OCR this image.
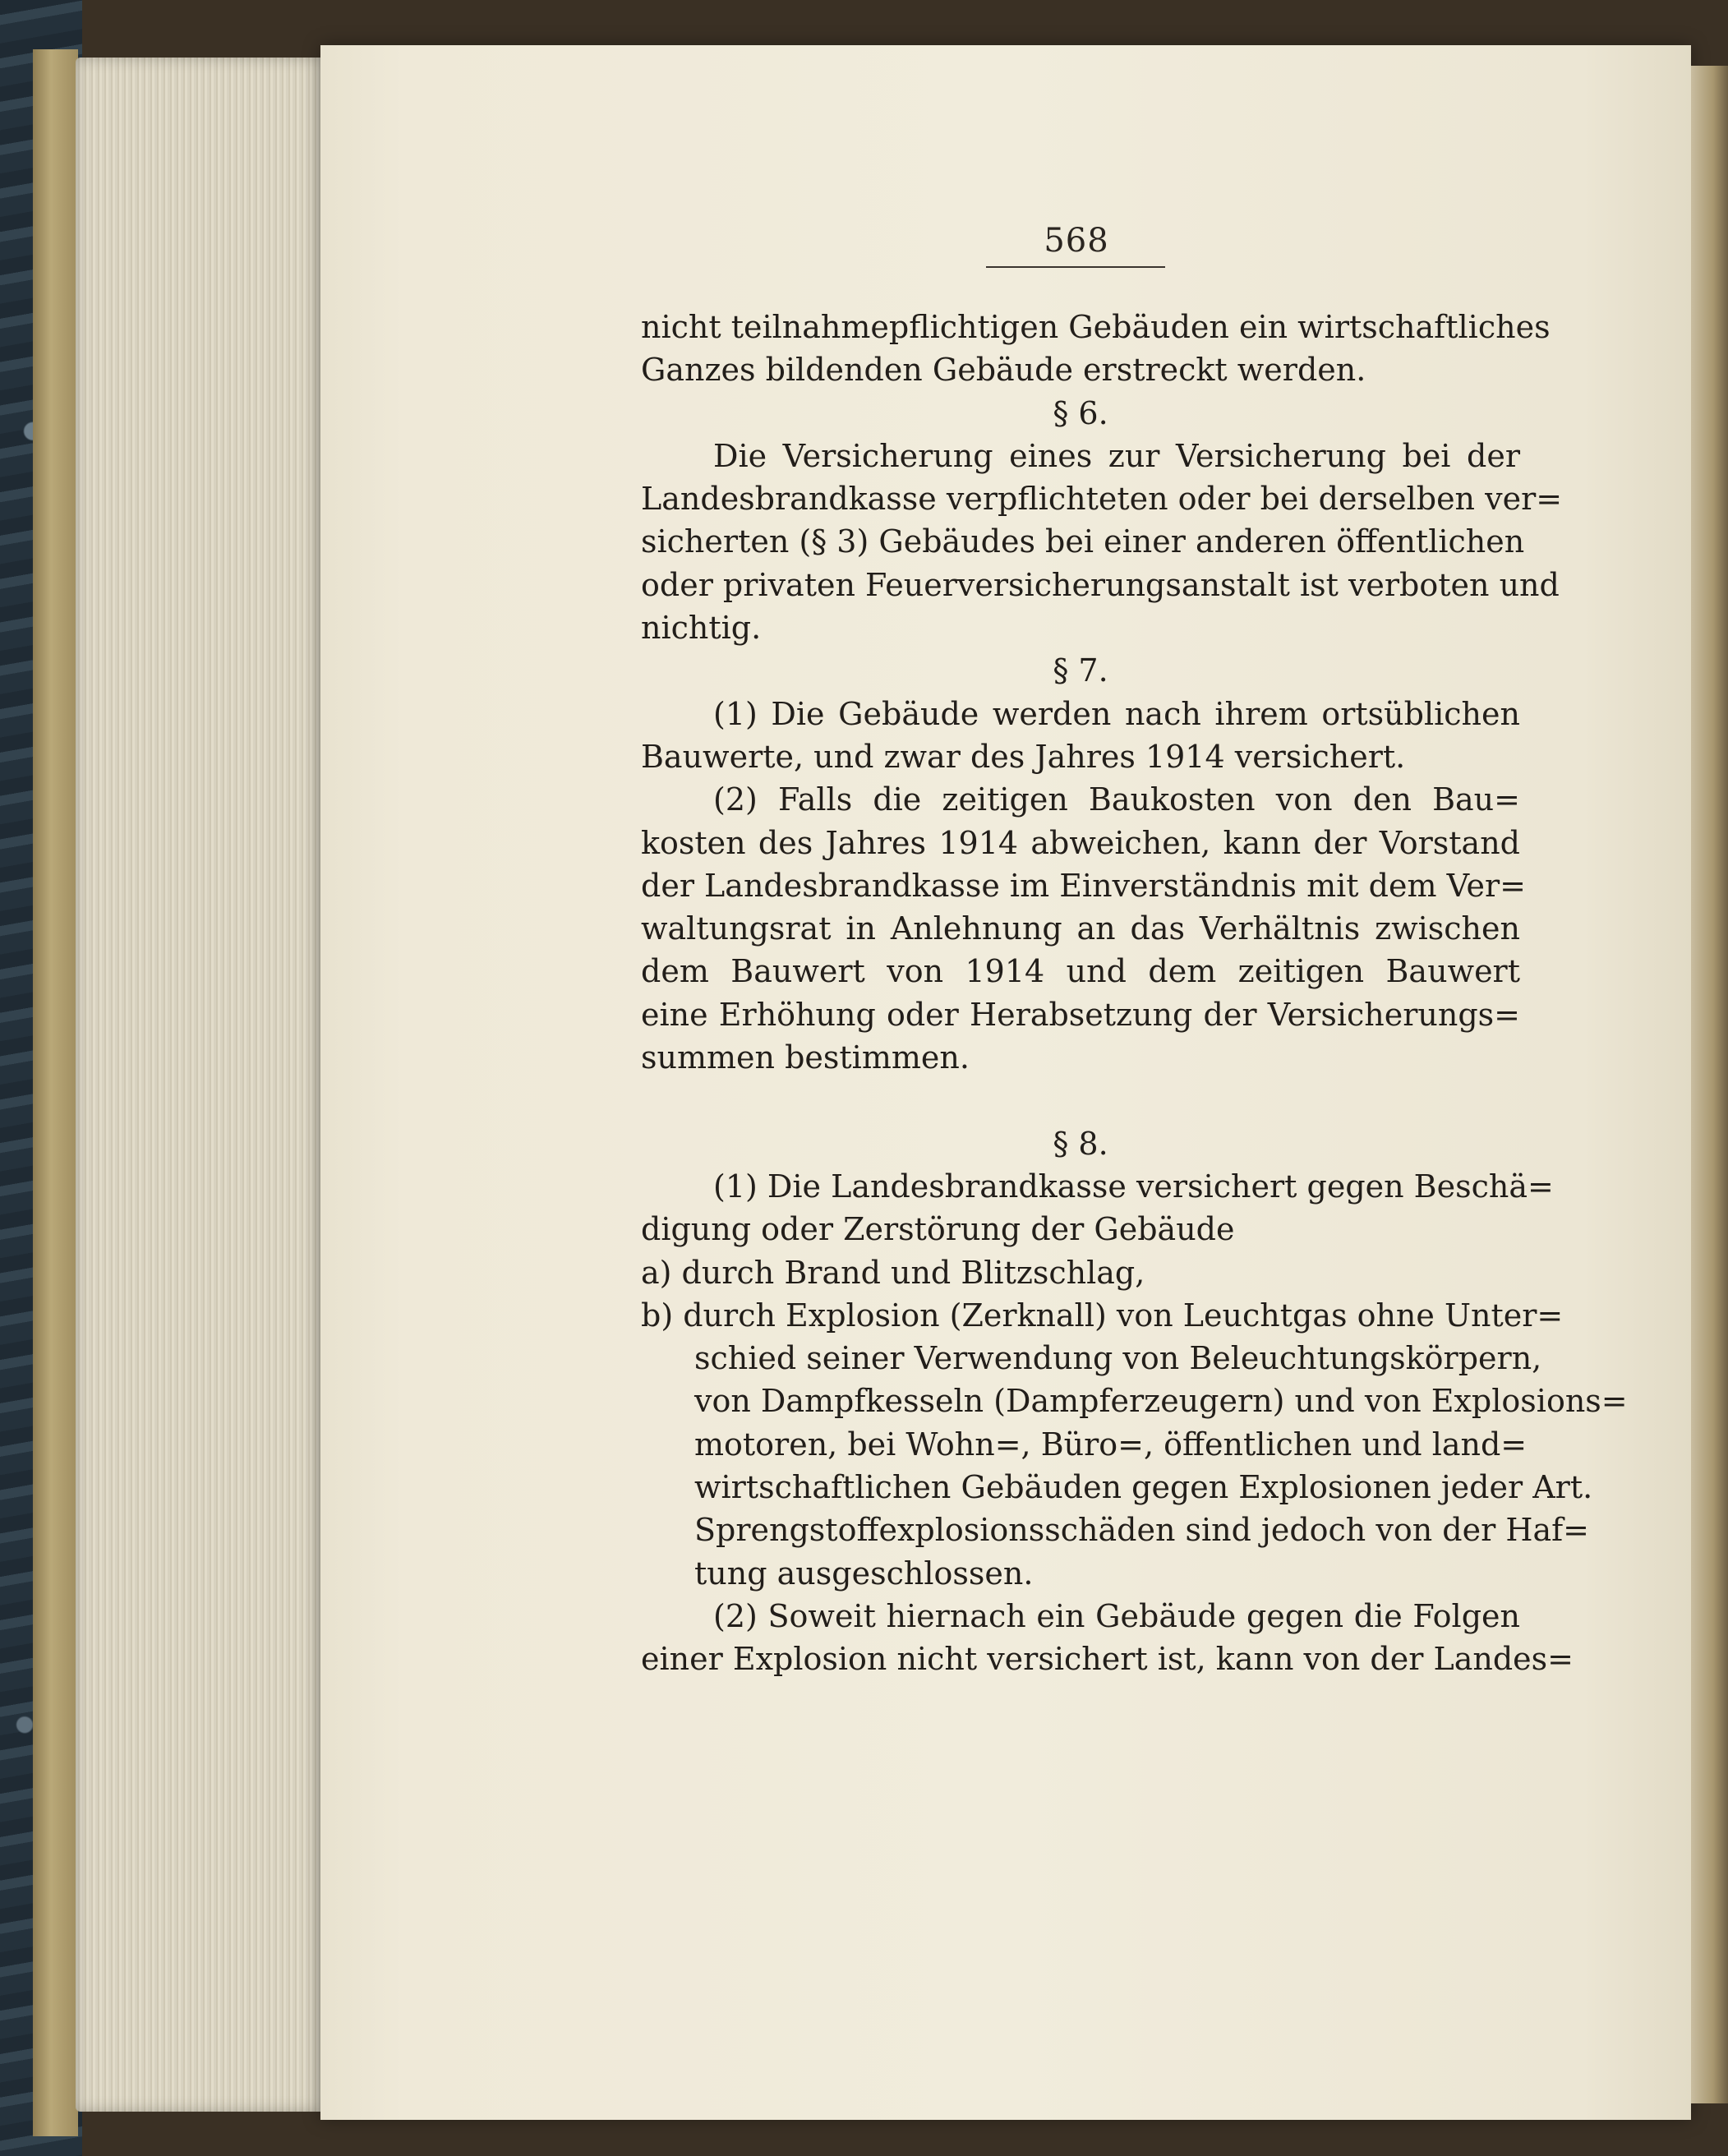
568
nicht teilnahmepflichtigen Gebäuden ein wirtschaftliches
Ganzes bildenden Gebäude erstreckt werden.
§ 6.
Die Versicherung eines zur Versicherung bei der
Landesbrandkasse verpflichteten oder bei derselben ver=
sicherten (§ 3) Gebäudes bei einer anderen öffentlichen
oder privaten Feuerversicherungsanstalt ist verboten und
nichtig.
§ 7.
(1) Die Gebäude werden nach ihrem ortsüblichen
Bauwerte, und zwar des Jahres 1914 versichert.
(2) Falls die zeitigen Baukosten von den Bau=
kosten des Jahres 1914 abweichen, kann der Vorstand
der Landesbrandkasse im Einverständnis mit dem Ver=
waltungsrat in Anlehnung an das Verhältnis zwischen
dem Bauwert von 1914 und dem zeitigen Bauwert
eine Erhöhung oder Herabsetzung der Versicherungs=
summen bestimmen.

§ 8.
(1) Die Landesbrandkasse versichert gegen Beschä=
digung oder Zerstörung der Gebäude
a) durch Brand und Blitzschlag,
b) durch Explosion (Zerknall) von Leuchtgas ohne Unter=
schied seiner Verwendung von Beleuchtungskörpern,
von Dampfkesseln (Dampferzeugern) und von Explosions=
motoren, bei Wohn=, Büro=, öffentlichen und land=
wirtschaftlichen Gebäuden gegen Explosionen jeder Art.
Sprengstoffexplosionsschäden sind jedoch von der Haf=
tung ausgeschlossen.
(2) Soweit hiernach ein Gebäude gegen die Folgen
einer Explosion nicht versichert ist, kann von der Landes=
